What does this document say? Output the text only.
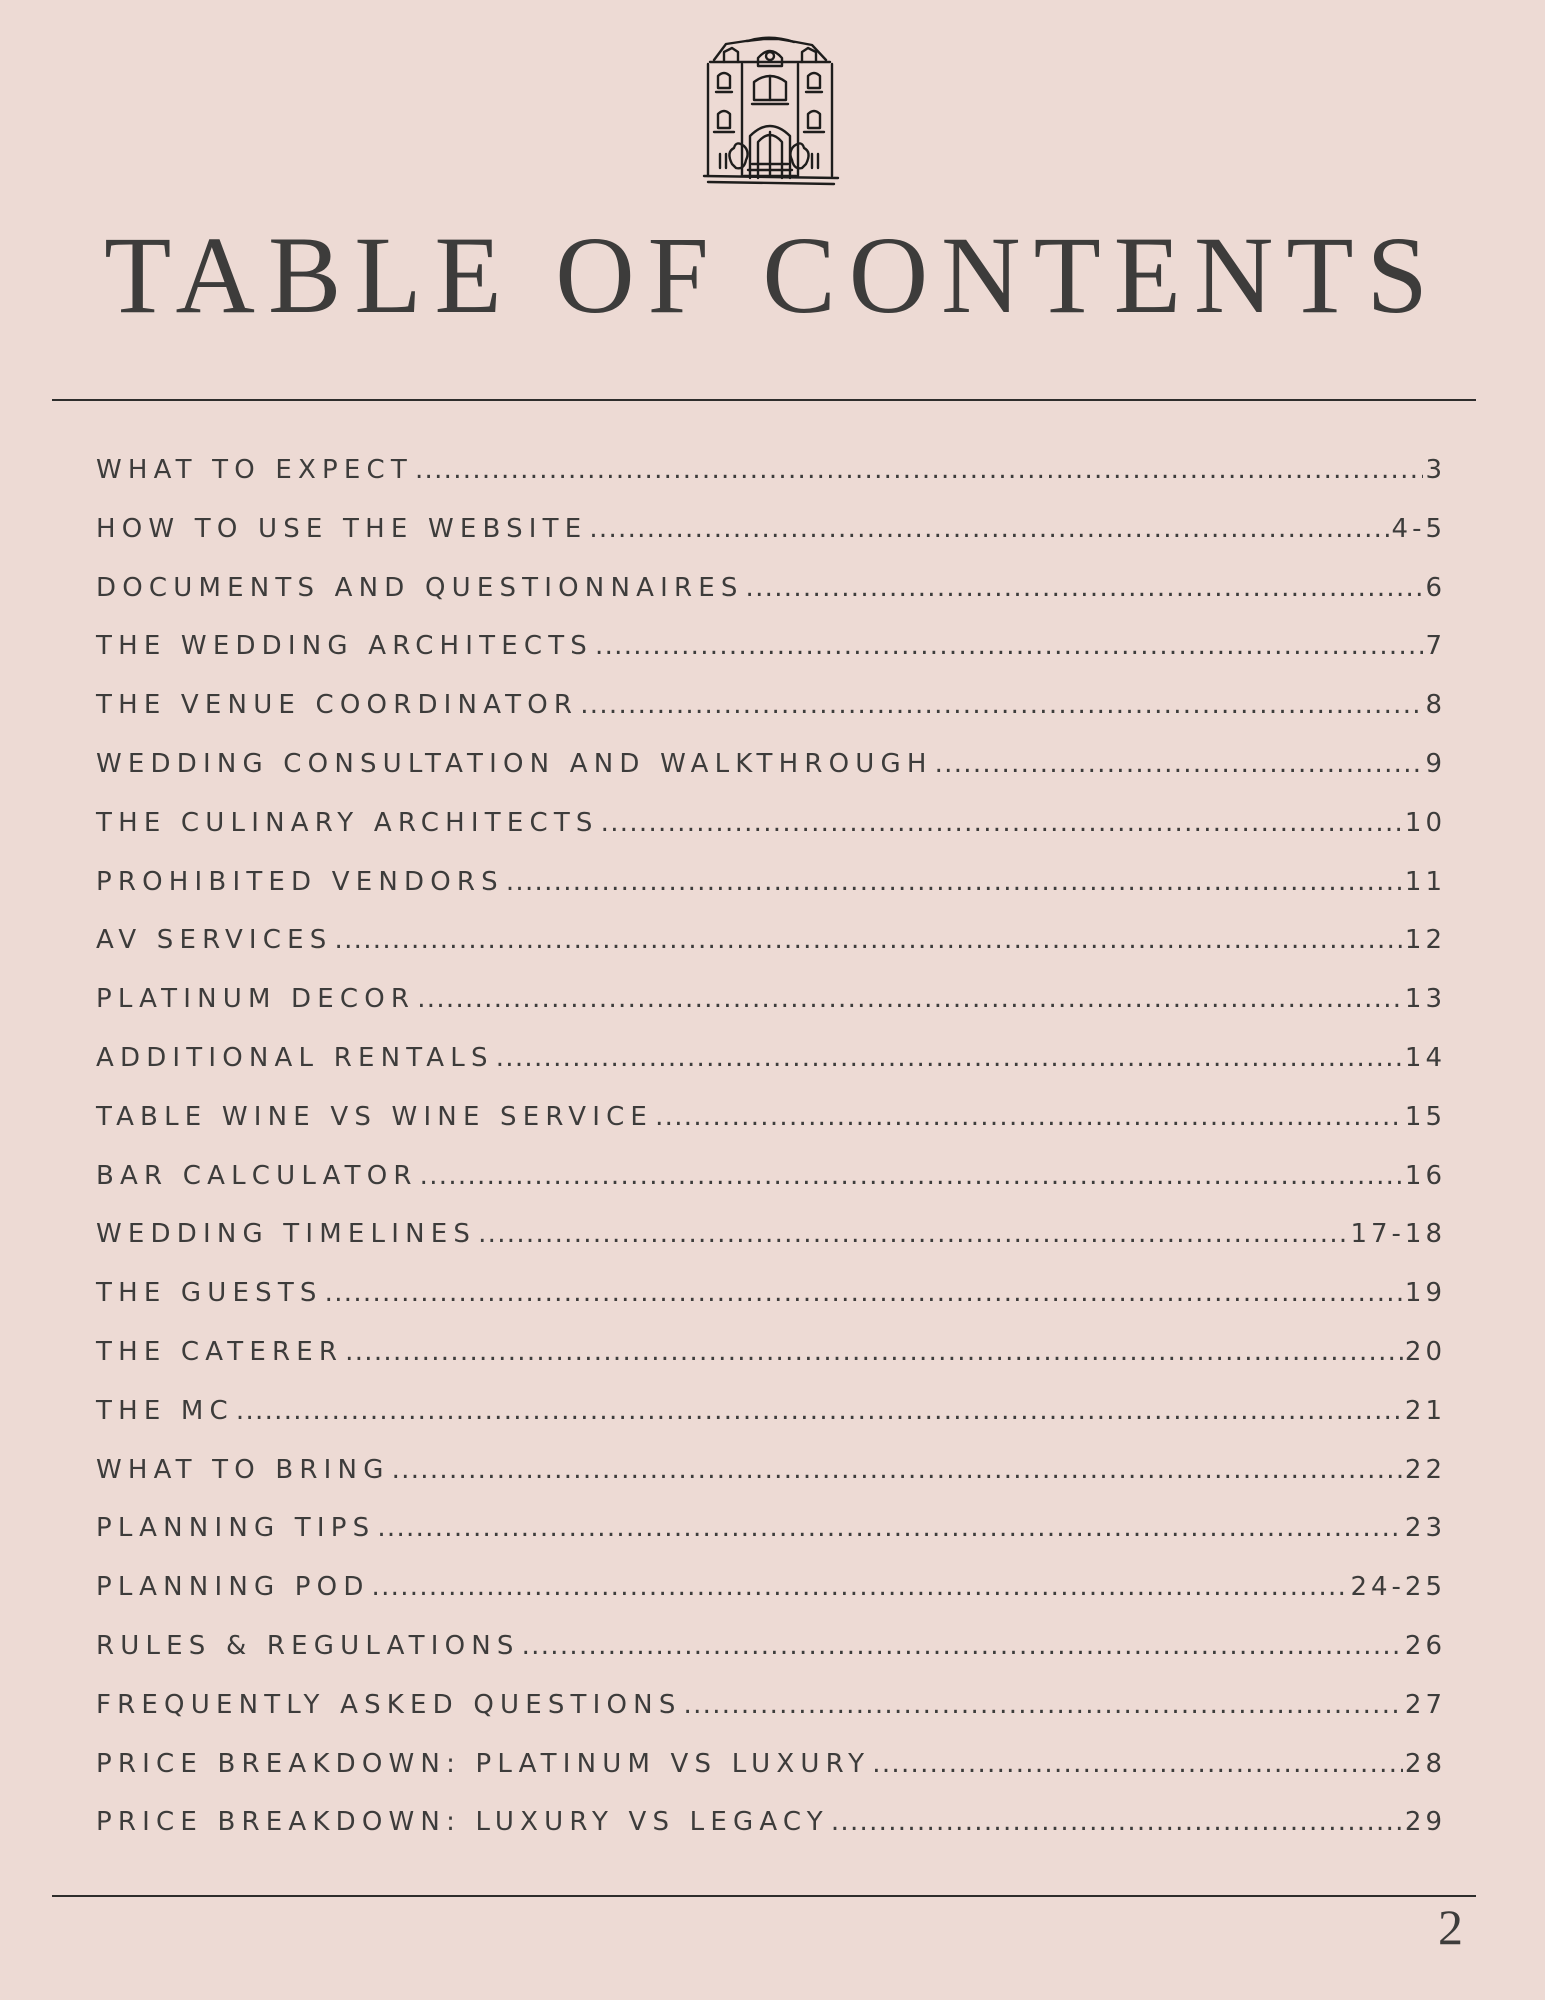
TABLE OF CONTENTS
WHAT TO EXPECT .....	3
HOW TO USE THE WEBSITE .....	4-5
DOCUMENTS AND QUESTIONNAIRES .....	6
THE WEDDING ARCHITECTS .....	7
THE VENUE COORDINATOR .....	8
WEDDING CONSULTATION AND WALKTHROUGH .....	9
THE CULINARY ARCHITECTS .....	10
PROHIBITED VENDORS .....	11
AV SERVICES .....	12
PLATINUM DECOR .....	13
ADDITIONAL RENTALS .....	14
TABLE WINE VS WINE SERVICE .....	15
BAR CALCULATOR .....	16
WEDDING TIMELINES .....	17-18
THE GUESTS .....	19
THE CATERER .....	20
THE MC .....	21
WHAT TO BRING .....	22
PLANNING TIPS .....	23
PLANNING POD .....	24-25
RULES & REGULATIONS .....	26
FREQUENTLY ASKED QUESTIONS .....	27
PRICE BREAKDOWN: PLATINUM VS LUXURY .....	28
PRICE BREAKDOWN: LUXURY VS LEGACY .....	29
2
